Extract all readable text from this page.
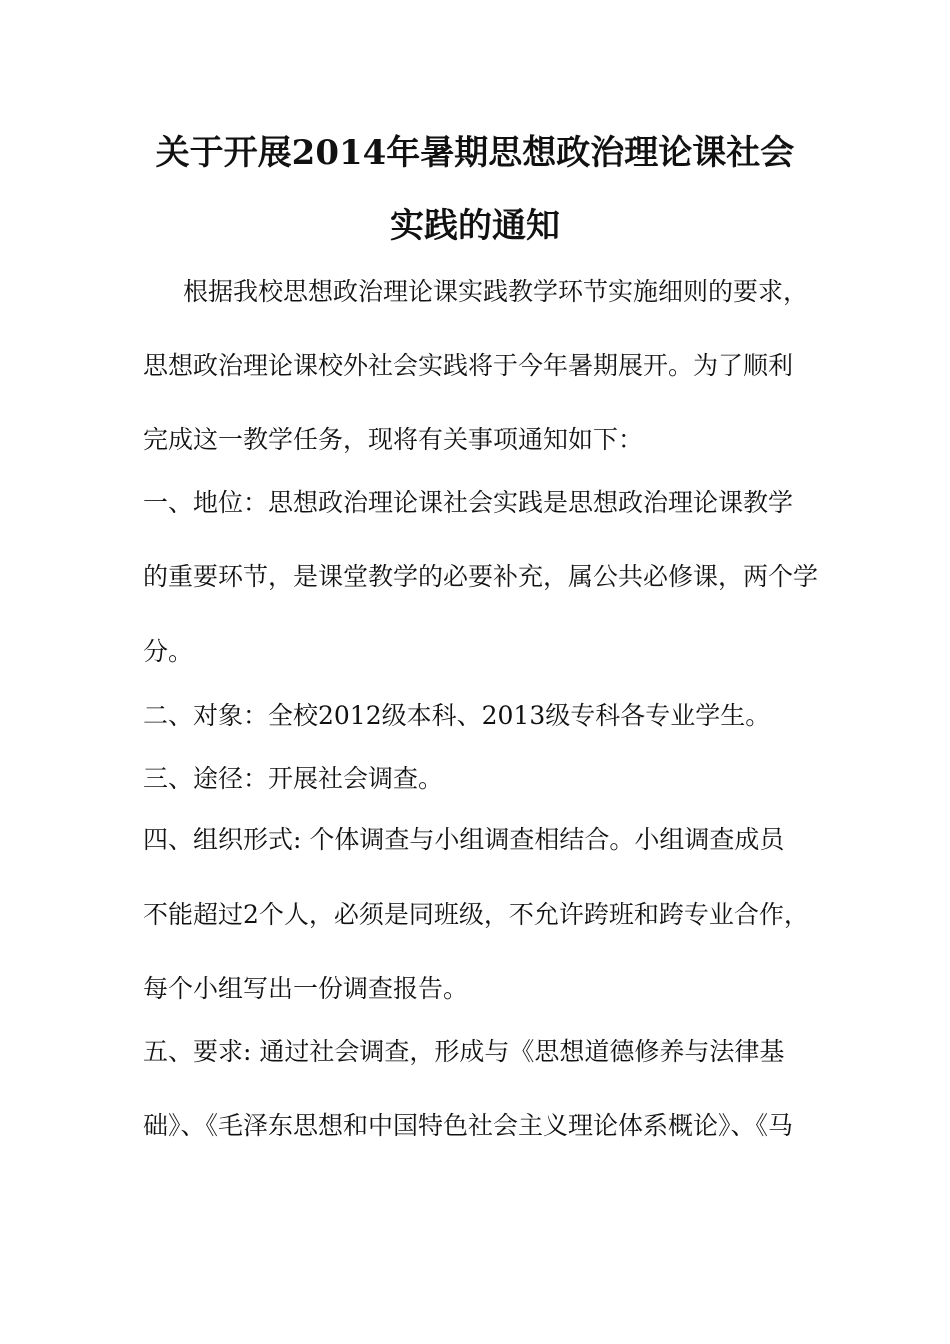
关于开展2014年暑期思想政治理论课社会
实践的通知
根据我校思想政治理论课实践教学环节实施细则的要求，
思想政治理论课校外社会实践将于今年暑期展开。为了顺利
完成这一教学任务，现将有关事项通知如下：
一、地位：思想政治理论课社会实践是思想政治理论课教学
的重要环节，是课堂教学的必要补充，属公共必修课，两个学
分。
二、对象：全校2012级本科、2013级专科各专业学生。
三、途径：开展社会调查。
四、组织形式: 个体调查与小组调查相结合。小组调查成员
不能超过2个人，必须是同班级，不允许跨班和跨专业合作，
每个小组写出一份调查报告。
五、要求: 通过社会调查，形成与《思想道德修养与法律基
础》、《毛泽东思想和中国特色社会主义理论体系概论》、《马
